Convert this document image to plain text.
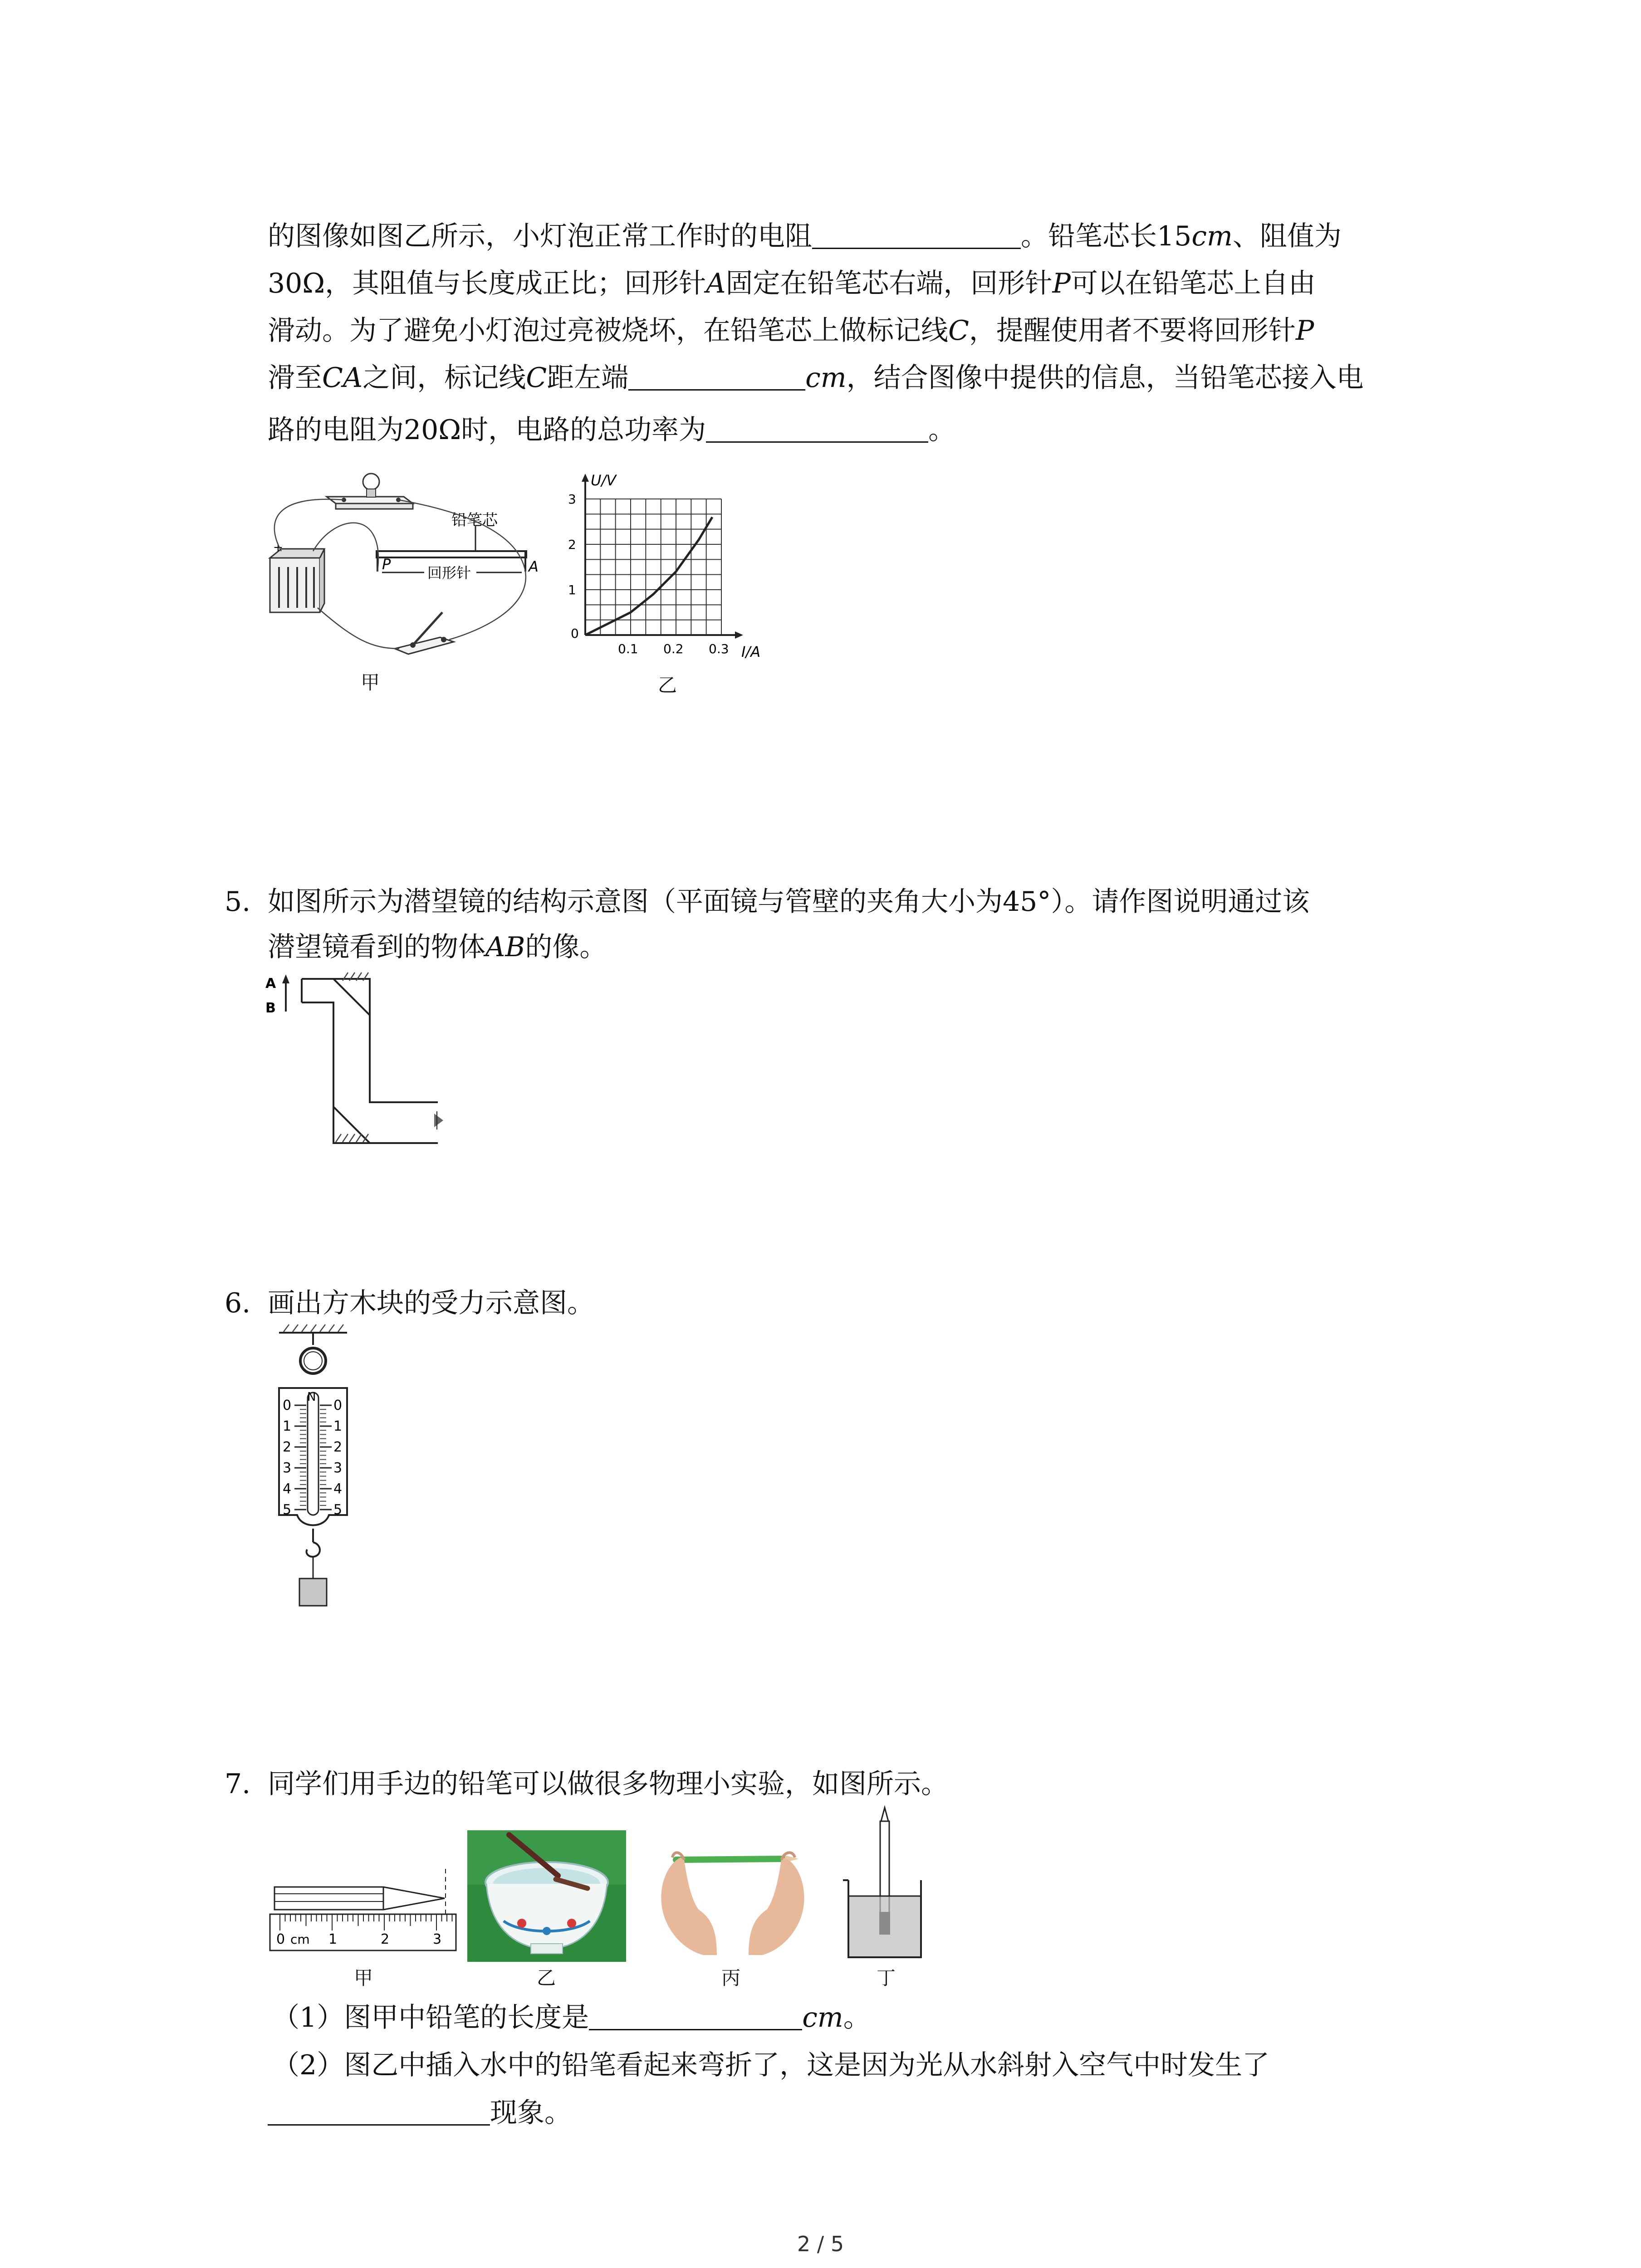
的图像如图乙所示，小灯泡正常工作时的电阻	。铅笔芯长15cm、阻值为
30Ω，其阻值与长度成正比；回形针A固定在铅笔芯右端，回形针P可以在铅笔芯上自由
滑动。为了避免小灯泡过亮被烧坏，在铅笔芯上做标记线C，提醒使用者不要将回形针P
滑至CA之间，标记线C距左端	cm，结合图像中提供的信息，当铅笔芯接入电
路的电阻为20Ω时，电路的总功率为	。
+
铅笔芯
回形针
P	A
甲
1
2
3
0.1 0.2 0.3
U/V
I/A
0
乙
5. 如图所示为潜望镜的结构示意图（平面镜与管壁的夹角大小为45°）。请作图说明通过该
潜望镜看到的物体AB的像。
A
B
6. 画出方木块的受力示意图。
N
0	0
1	1
2	2
3	3
4	4
5	5
7. 同学们用手边的铅笔可以做很多物理小实验，如图所示。
0	1	2	3
cm
甲	乙	丙	丁
（1）图甲中铅笔的长度是	cm。
（2）图乙中插入水中的铅笔看起来弯折了，这是因为光从水斜射入空气中时发生了
现象。
2 / 5
